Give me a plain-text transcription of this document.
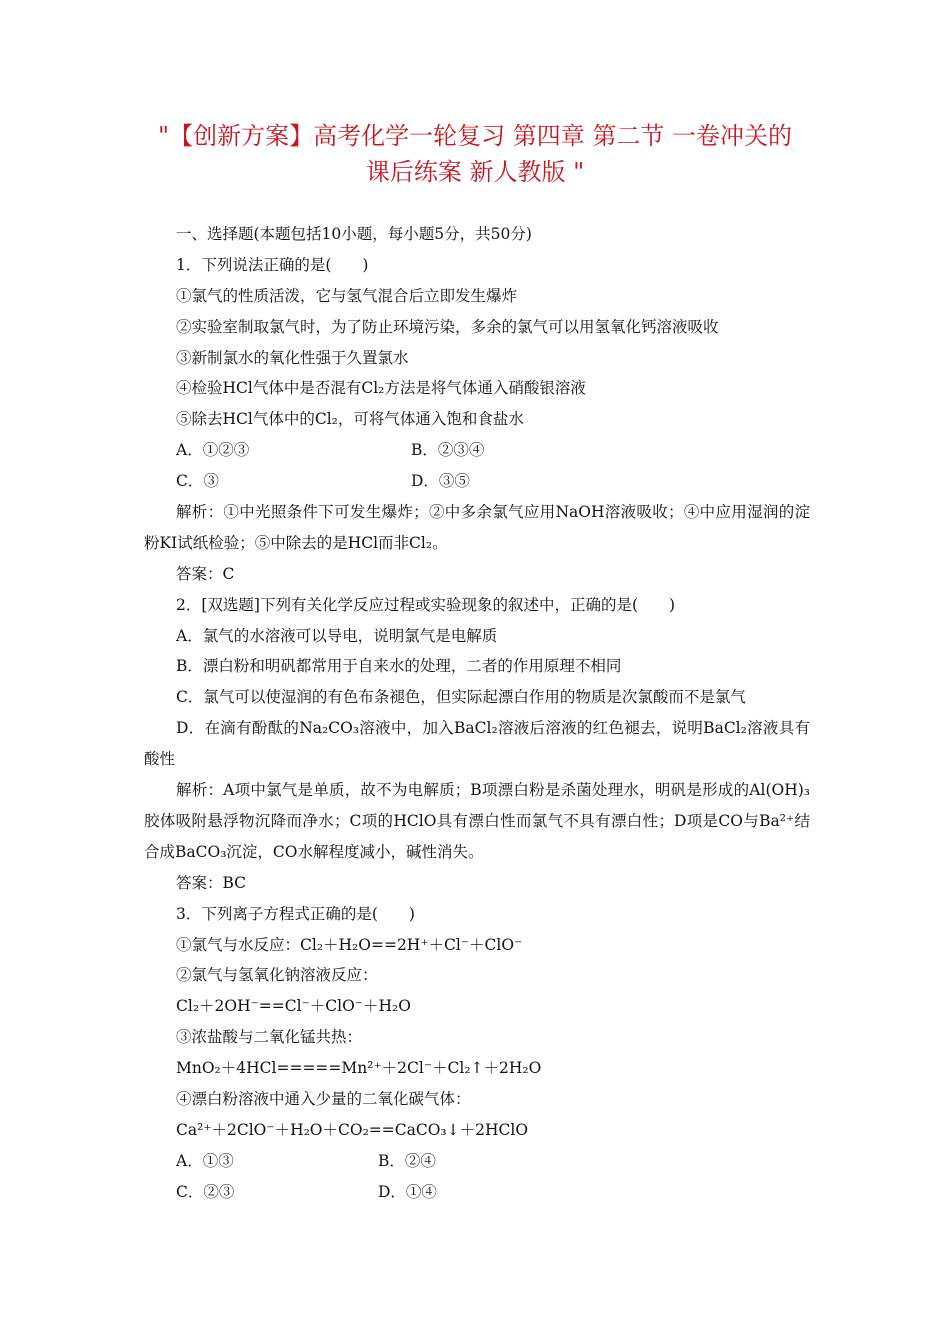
"【创新方案】高考化学一轮复习 第四章 第二节 一卷冲关的
课后练案 新人教版 "
一、选择题(本题包括10小题，每小题5分，共50分)
1．下列说法正确的是(　　)
①氯气的性质活泼，它与氢气混合后立即发生爆炸
②实验室制取氯气时，为了防止环境污染，多余的氯气可以用氢氧化钙溶液吸收
③新制氯水的氧化性强于久置氯水
④检验HCl气体中是否混有Cl₂方法是将气体通入硝酸银溶液
⑤除去HCl气体中的Cl₂，可将气体通入饱和食盐水
A．①②③	B．②③④
C．③	D．③⑤
解析：①中光照条件下可发生爆炸；②中多余氯气应用NaOH溶液吸收；④中应用湿润的淀粉KI试纸检验；⑤中除去的是HCl而非Cl₂。
答案：C
2．[双选题]下列有关化学反应过程或实验现象的叙述中，正确的是(　　)
A．氯气的水溶液可以导电，说明氯气是电解质
B．漂白粉和明矾都常用于自来水的处理，二者的作用原理不相同
C．氯气可以使湿润的有色布条褪色，但实际起漂白作用的物质是次氯酸而不是氯气
D．在滴有酚酞的Na₂CO₃溶液中，加入BaCl₂溶液后溶液的红色褪去，说明BaCl₂溶液具有酸性
解析：A项中氯气是单质，故不为电解质；B项漂白粉是杀菌处理水，明矾是形成的Al(OH)₃胶体吸附悬浮物沉降而净水；C项的HClO具有漂白性而氯气不具有漂白性；D项是CO与Ba²⁺结合成BaCO₃沉淀，CO水解程度减小，碱性消失。
答案：BC
3．下列离子方程式正确的是(　　)
①氯气与水反应：Cl₂＋H₂O==2H⁺＋Cl⁻＋ClO⁻
②氯气与氢氧化钠溶液反应：
Cl₂＋2OH⁻==Cl⁻＋ClO⁻＋H₂O
③浓盐酸与二氧化锰共热：
MnO₂＋4HCl=====Mn²⁺＋2Cl⁻＋Cl₂↑＋2H₂O
④漂白粉溶液中通入少量的二氧化碳气体：
Ca²⁺＋2ClO⁻＋H₂O＋CO₂==CaCO₃↓＋2HClO
A．①③	B．②④
C．②③	D．①④
